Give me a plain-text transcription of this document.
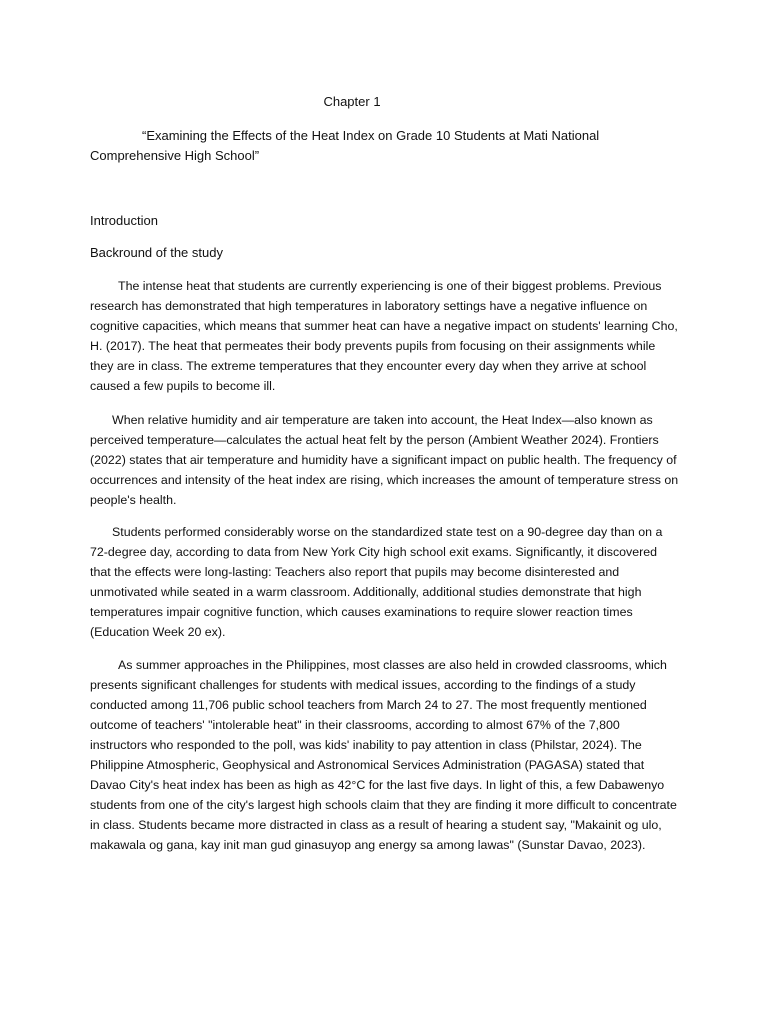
Chapter 1
“Examining the Effects of the Heat Index on Grade 10 Students at Mati National Comprehensive High School”
Introduction
Backround of the study

The intense heat that students are currently experiencing is one of their biggest problems. Previous research has demonstrated that high temperatures in laboratory settings have a negative influence on cognitive capacities, which means that summer heat can have a negative impact on students' learning Cho, H. (2017). The heat that permeates their body prevents pupils from focusing on their assignments while they are in class. The extreme temperatures that they encounter every day when they arrive at school caused a few pupils to become ill.

When relative humidity and air temperature are taken into account, the Heat Index—also known as perceived temperature—calculates the actual heat felt by the person (Ambient Weather 2024). Frontiers (2022) states that air temperature and humidity have a significant impact on public health. The frequency of occurrences and intensity of the heat index are rising, which increases the amount of temperature stress on people's health.

Students performed considerably worse on the standardized state test on a 90-degree day than on a 72-degree day, according to data from New York City high school exit exams. Significantly, it discovered that the effects were long-lasting: Teachers also report that pupils may become disinterested and unmotivated while seated in a warm classroom. Additionally, additional studies demonstrate that high temperatures impair cognitive function, which causes examinations to require slower reaction times (Education Week 20 ex).

As summer approaches in the Philippines, most classes are also held in crowded classrooms, which presents significant challenges for students with medical issues, according to the findings of a study conducted among 11,706 public school teachers from March 24 to 27. The most frequently mentioned outcome of teachers' "intolerable heat" in their classrooms, according to almost 67% of the 7,800 instructors who responded to the poll, was kids' inability to pay attention in class (Philstar, 2024). The Philippine Atmospheric, Geophysical and Astronomical Services Administration (PAGASA) stated that Davao City's heat index has been as high as 42°C for the last five days. In light of this, a few Dabawenyo students from one of the city's largest high schools claim that they are finding it more difficult to concentrate in class. Students became more distracted in class as a result of hearing a student say, "Makainit og ulo, makawala og gana, kay init man gud ginasuyop ang energy sa among lawas" (Sunstar Davao, 2023).
